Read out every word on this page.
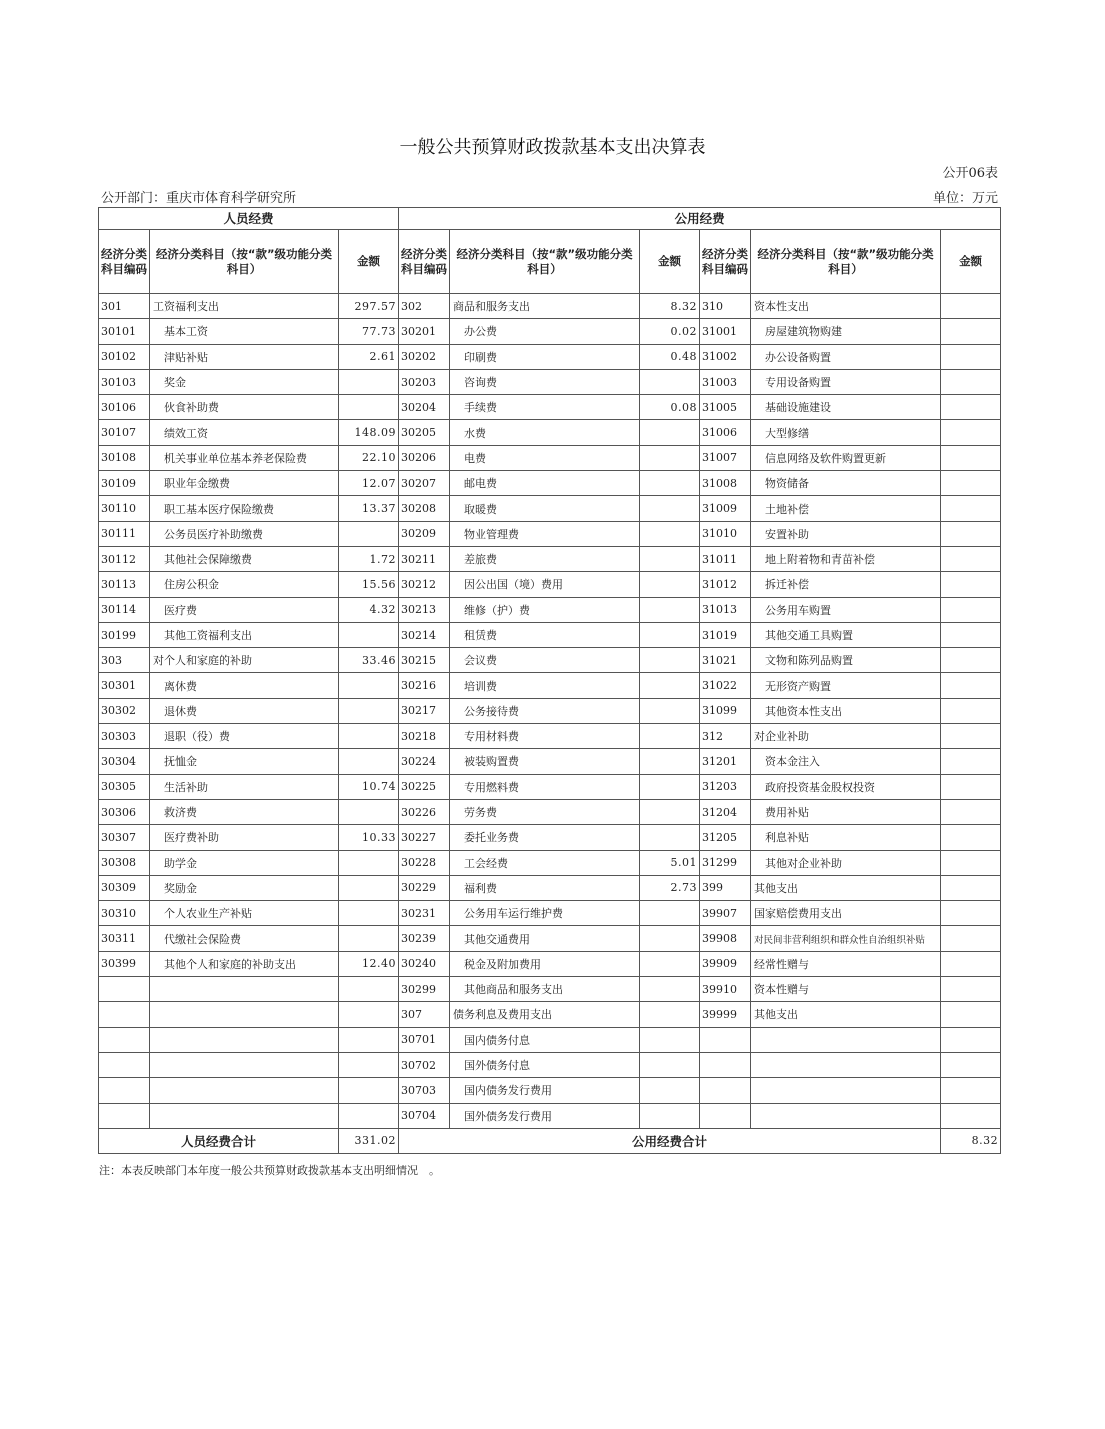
一般公共预算财政拨款基本支出决算表
公开06表
公开部门：重庆市体育科学研究所	单位：万元
人员经费			公用经费					
经济分类科目编码	经济分类科目（按“款”级功能分类科目）	金额	经济分类科目编码	经济分类科目（按“款”级功能分类科目）	金额	经济分类科目编码	经济分类科目（按“款”级功能分类科目）	金额
301	工资福利支出	297.57	302	商品和服务支出	8.32	310	资本性支出	
30101	基本工资	77.73	30201	办公费	0.02	31001	房屋建筑物购建	
30102	津贴补贴	2.61	30202	印刷费	0.48	31002	办公设备购置	
30103	奖金		30203	咨询费		31003	专用设备购置	
30106	伙食补助费		30204	手续费	0.08	31005	基础设施建设	
30107	绩效工资	148.09	30205	水费		31006	大型修缮	
30108	机关事业单位基本养老保险费	22.10	30206	电费		31007	信息网络及软件购置更新	
30109	职业年金缴费	12.07	30207	邮电费		31008	物资储备	
30110	职工基本医疗保险缴费	13.37	30208	取暖费		31009	土地补偿	
30111	公务员医疗补助缴费		30209	物业管理费		31010	安置补助	
30112	其他社会保障缴费	1.72	30211	差旅费		31011	地上附着物和青苗补偿	
30113	住房公积金	15.56	30212	因公出国（境）费用		31012	拆迁补偿	
30114	医疗费	4.32	30213	维修（护）费		31013	公务用车购置	
30199	其他工资福利支出		30214	租赁费		31019	其他交通工具购置	
303	对个人和家庭的补助	33.46	30215	会议费		31021	文物和陈列品购置	
30301	离休费		30216	培训费		31022	无形资产购置	
30302	退休费		30217	公务接待费		31099	其他资本性支出	
30303	退职（役）费		30218	专用材料费		312	对企业补助	
30304	抚恤金		30224	被装购置费		31201	资本金注入	
30305	生活补助	10.74	30225	专用燃料费		31203	政府投资基金股权投资	
30306	救济费		30226	劳务费		31204	费用补贴	
30307	医疗费补助	10.33	30227	委托业务费		31205	利息补贴	
30308	助学金		30228	工会经费	5.01	31299	其他对企业补助	
30309	奖励金		30229	福利费	2.73	399	其他支出	
30310	个人农业生产补贴		30231	公务用车运行维护费		39907	国家赔偿费用支出	
30311	代缴社会保险费		30239	其他交通费用		39908	对民间非营利组织和群众性自治组织补贴	
30399	其他个人和家庭的补助支出	12.40	30240	税金及附加费用		39909	经常性赠与	
			30299	其他商品和服务支出		39910	资本性赠与	
			307	债务利息及费用支出		39999	其他支出	
			30701	国内债务付息				
			30702	国外债务付息				
			30703	国内债务发行费用				
			30704	国外债务发行费用				
人员经费合计		331.02	公用经费合计					8.32
注：本表反映部门本年度一般公共预算财政拨款基本支出明细情况　。
